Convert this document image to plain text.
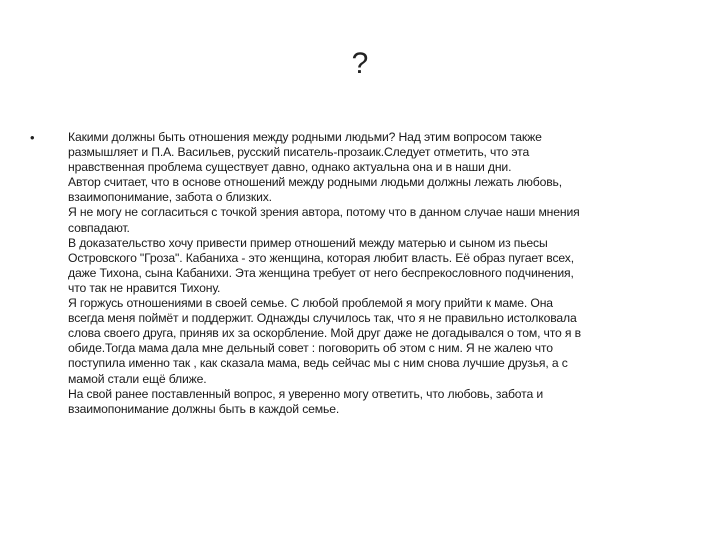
?
•	Какими должны быть отношения между родными людьми? Над этим вопросом также
размышляет и П.А. Васильев, русский писатель-прозаик.Следует отметить, что эта
нравственная проблема существует давно, однако актуальна она и в наши дни.
Автор считает, что в основе отношений между родными людьми должны лежать любовь,
взаимопонимание, забота о близких.
Я не могу не согласиться с точкой зрения автора, потому что в данном случае наши мнения
совпадают.
В доказательство хочу привести пример отношений между матерью и сыном из пьесы
Островского "Гроза". Кабаниха - это женщина, которая любит власть. Её образ пугает всех,
даже Тихона, сына Кабанихи. Эта женщина требует от него беспрекословного подчинения,
что так не нравится Тихону.
Я горжусь отношениями в своей семье. С любой проблемой я могу прийти к маме. Она
всегда меня поймёт и поддержит. Однажды случилось так, что я не правильно истолковала
слова своего друга, приняв их за оскорбление. Мой друг даже не догадывался о том, что я в
обиде.Тогда мама дала мне дельный совет : поговорить об этом с ним. Я не жалею что
поступила именно так , как сказала мама, ведь сейчас мы с ним снова лучшие друзья, а с
мамой стали ещё ближе.
На свой ранее поставленный вопрос, я уверенно могу ответить, что любовь, забота и
взаимопонимание должны быть в каждой семье.
